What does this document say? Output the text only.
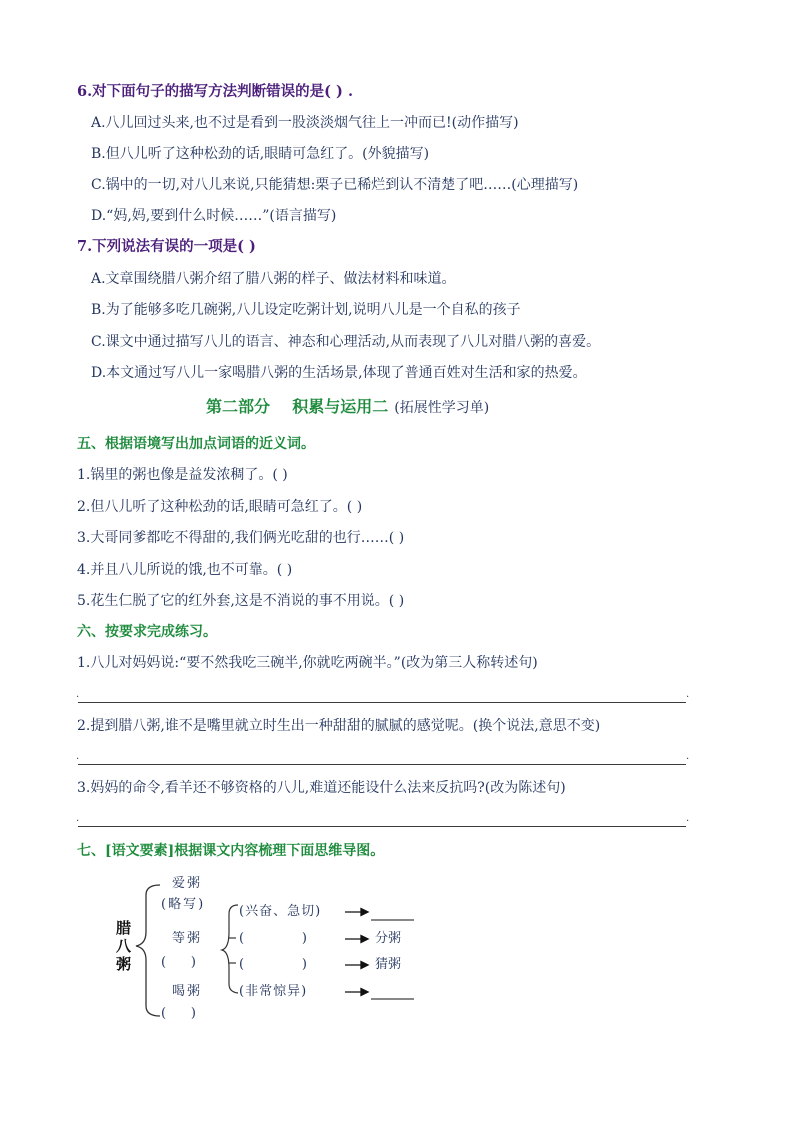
6.对下面句子的描写方法判断错误的是( ) .
A.八儿回过头来,也不过是看到一股淡淡烟气往上一冲而已!(动作描写)
B.但八儿听了这种松劲的话,眼睛可急红了。(外貌描写)
C.锅中的一切,对八儿来说,只能猜想:栗子已稀烂到认不清楚了吧……(心理描写)
D.“妈,妈,要到什么时候……”(语言描写)
7.下列说法有误的一项是( )
A.文章围绕腊八粥介绍了腊八粥的样子、做法材料和味道。
B.为了能够多吃几碗粥,八儿设定吃粥计划,说明八儿是一个自私的孩子
C.课文中通过描写八儿的语言、神态和心理活动,从而表现了八儿对腊八粥的喜爱。
D.本文通过写八儿一家喝腊八粥的生活场景,体现了普通百姓对生活和家的热爱。
第二部分    积累与运用二 (拓展性学习单)
五、根据语境写出加点词语的近义词。
1.锅里的粥也像是益发浓稠了。( )
2.但八儿听了这种松劲的话,眼睛可急红了。( )
3.大哥同爹都吃不得甜的,我们俩光吃甜的也行……( )
4.并且八儿所说的饿,也不可靠。( )
5.花生仁脱了它的红外套,这是不消说的事不用说。( )
六、按要求完成练习。
1.八儿对妈妈说:“要不然我吃三碗半,你就吃两碗半。”(改为第三人称转述句)
.	.
2.提到腊八粥,谁不是嘴里就立时生出一种甜甜的腻腻的感觉呢。(换个说法,意思不变)
.	.
3.妈妈的命令,看羊还不够资格的八儿,难道还能设什么法来反抗吗?(改为陈述句)
.	.
七、[语文要素]根据课文内容梳理下面思维导图。
腊
八
粥
爱粥
(略写)
等粥
(      )
喝粥
(      )
(兴奋、急切)
(              )
(              )
(非常惊异)
分粥
猜粥
